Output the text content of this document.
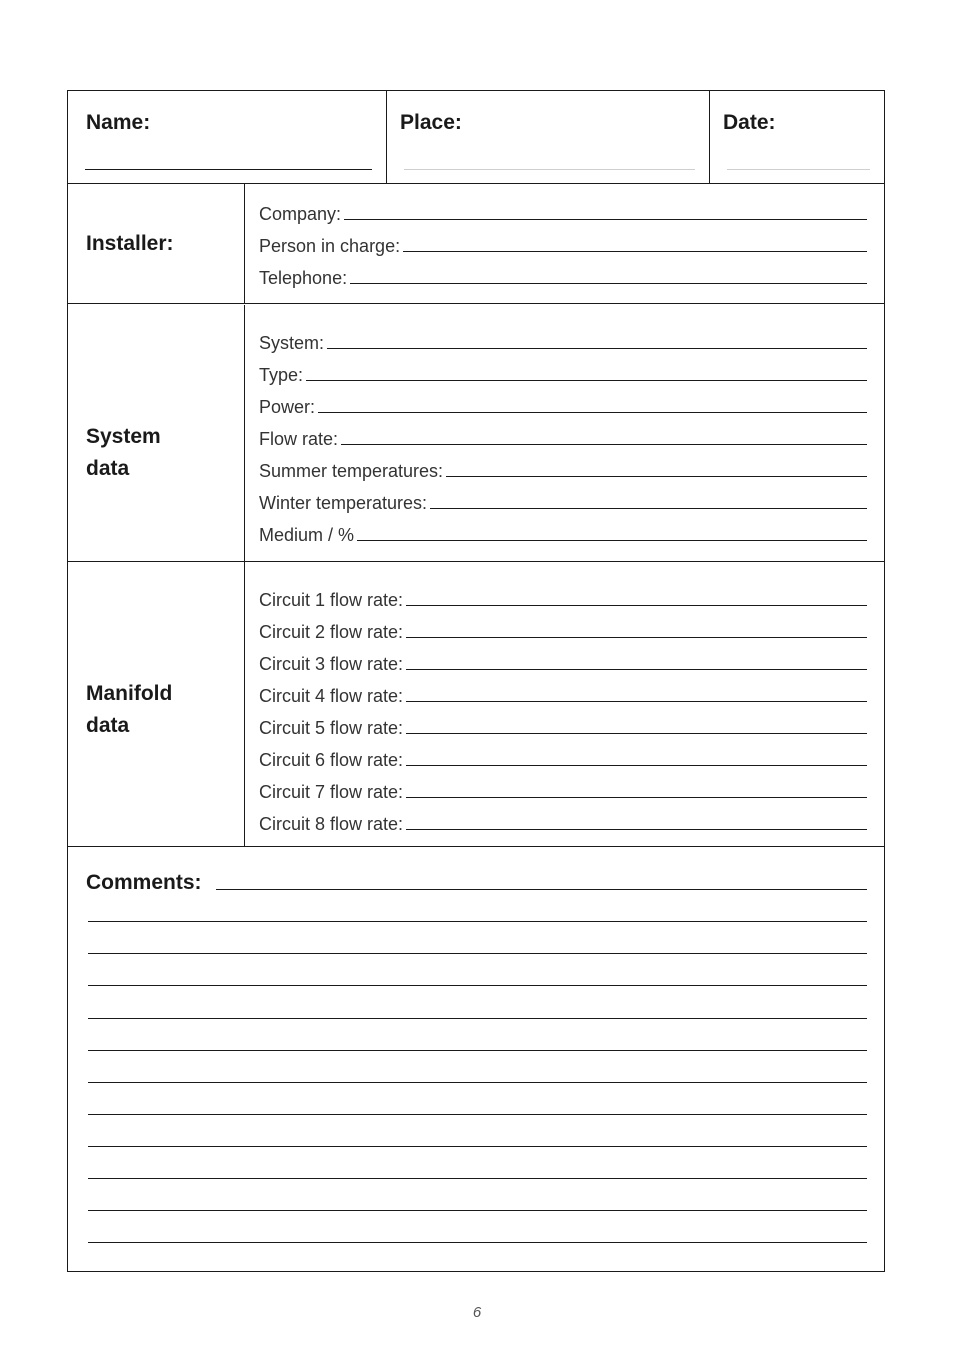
Name:	Place:	Date:
Installer:
Company:
Person in charge:
Telephone:
System
data
System:
Type:
Power:
Flow rate:
Summer temperatures:
Winter temperatures:
Medium / %
Manifold
data
Circuit 1 flow rate:
Circuit 2 flow rate:
Circuit 3 flow rate:
Circuit 4 flow rate:
Circuit 5 flow rate:
Circuit 6 flow rate:
Circuit 7 flow rate:
Circuit 8 flow rate:
Comments:
6
